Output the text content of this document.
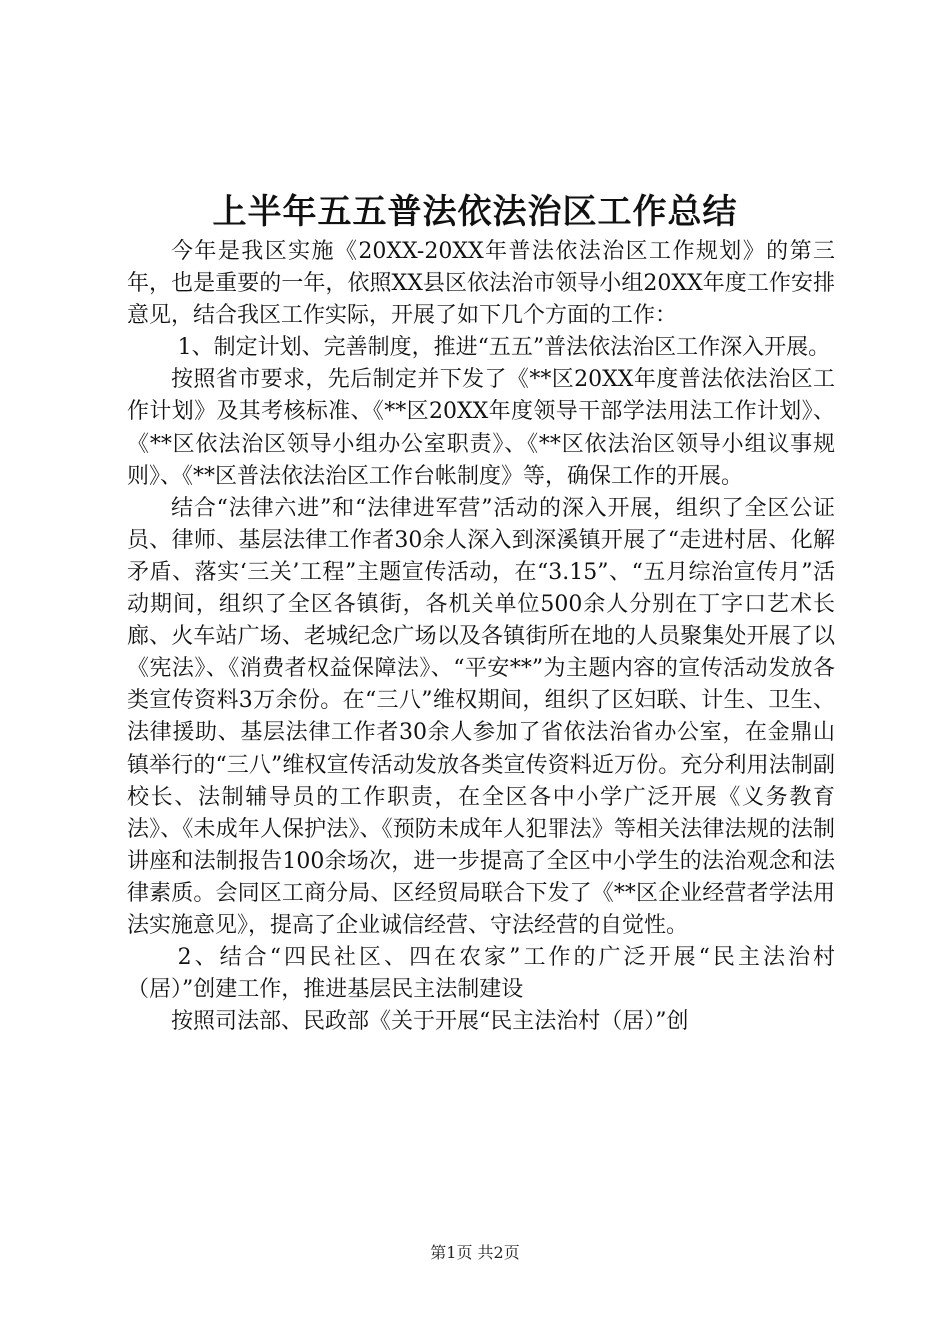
上半年五五普法依法治区工作总结

今年是我区实施《20XX-20XX年普法依法治区工作规划》的第三年，也是重要的一年，依照XX县区依法治市领导小组20XX年度工作安排意见，结合我区工作实际，开展了如下几个方面的工作：

1、制定计划、完善制度，推进“五五”普法依法治区工作深入开展。

按照省市要求，先后制定并下发了《**区20XX年度普法依法治区工作计划》及其考核标准、《**区20XX年度领导干部学法用法工作计划》、《**区依法治区领导小组办公室职责》、《**区依法治区领导小组议事规则》、《**区普法依法治区工作台帐制度》等，确保工作的开展。

结合“法律六进”和“法律进军营”活动的深入开展，组织了全区公证员、律师、基层法律工作者30余人深入到深溪镇开展了“走进村居、化解矛盾、落实‘三关’工程”主题宣传活动，在“3.15”、“五月综治宣传月”活动期间，组织了全区各镇街，各机关单位500余人分别在丁字口艺术长廊、火车站广场、老城纪念广场以及各镇街所在地的人员聚集处开展了以《宪法》、《消费者权益保障法》、“平安**”为主题内容的宣传活动发放各类宣传资料3万余份。在“三八”维权期间，组织了区妇联、计生、卫生、法律援助、基层法律工作者30余人参加了省依法治省办公室，在金鼎山镇举行的“三八”维权宣传活动发放各类宣传资料近万份。充分利用法制副校长、法制辅导员的工作职责，在全区各中小学广泛开展《义务教育法》、《未成年人保护法》、《预防未成年人犯罪法》等相关法律法规的法制讲座和法制报告100余场次，进一步提高了全区中小学生的法治观念和法律素质。会同区工商分局、区经贸局联合下发了《**区企业经营者学法用法实施意见》，提高了企业诚信经营、守法经营的自觉性。

2、结合“四民社区、四在农家”工作的广泛开展“民主法治村（居）”创建工作，推进基层民主法制建设

按照司法部、民政部《关于开展“民主法治村（居）”创

第1页 共2页
